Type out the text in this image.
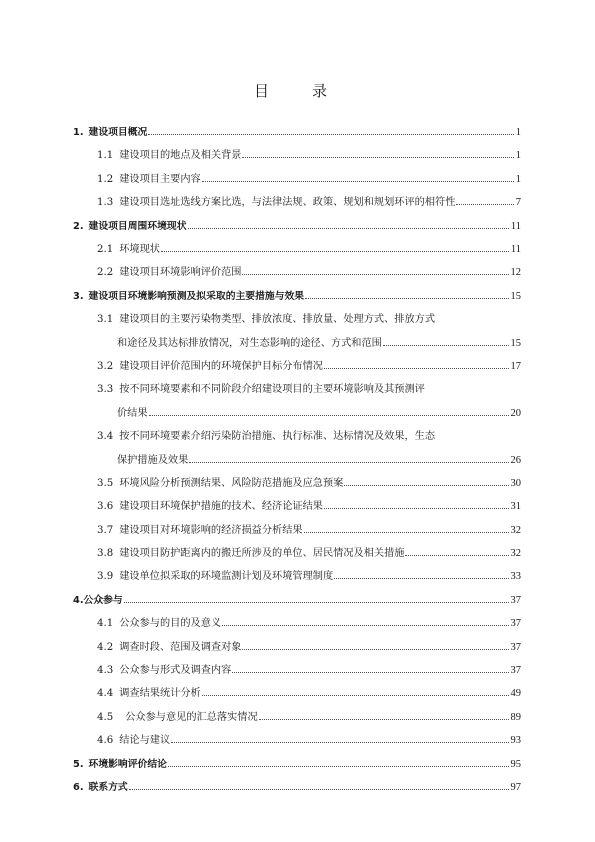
目　录
1. 建设项目概况	1
1.1 建设项目的地点及相关背景	1
1.2 建设项目主要内容	1
1.3 建设项目选址选线方案比选，与法律法规、政策、规划和规划环评的相符性	7
2. 建设项目周围环境现状	11
2.1 环境现状	11
2.2 建设项目环境影响评价范围	12
3. 建设项目环境影响预测及拟采取的主要措施与效果	15
3.1 建设项目的主要污染物类型、排放浓度、排放量、处理方式、排放方式
和途径及其达标排放情况，对生态影响的途径、方式和范围	15
3.2 建设项目评价范围内的环境保护目标分布情况	17
3.3 按不同环境要素和不同阶段介绍建设项目的主要环境影响及其预测评
价结果	20
3.4 按不同环境要素介绍污染防治措施、执行标准、达标情况及效果，生态
保护措施及效果	26
3.5 环境风险分析预测结果、风险防范措施及应急预案	30
3.6 建设项目环境保护措施的技术、经济论证结果	31
3.7 建设项目对环境影响的经济损益分析结果	32
3.8 建设项目防护距离内的搬迁所涉及的单位、居民情况及相关措施	32
3.9 建设单位拟采取的环境监测计划及环境管理制度	33
4. 公众参与	37
4.1 公众参与的目的及意义	37
4.2 调查时段、范围及调查对象	37
4.3 公众参与形式及调查内容	37
4.4 调查结果统计分析	49
4.5 公众参与意见的汇总落实情况	89
4.6 结论与建议	93
5. 环境影响评价结论	95
6. 联系方式	97
